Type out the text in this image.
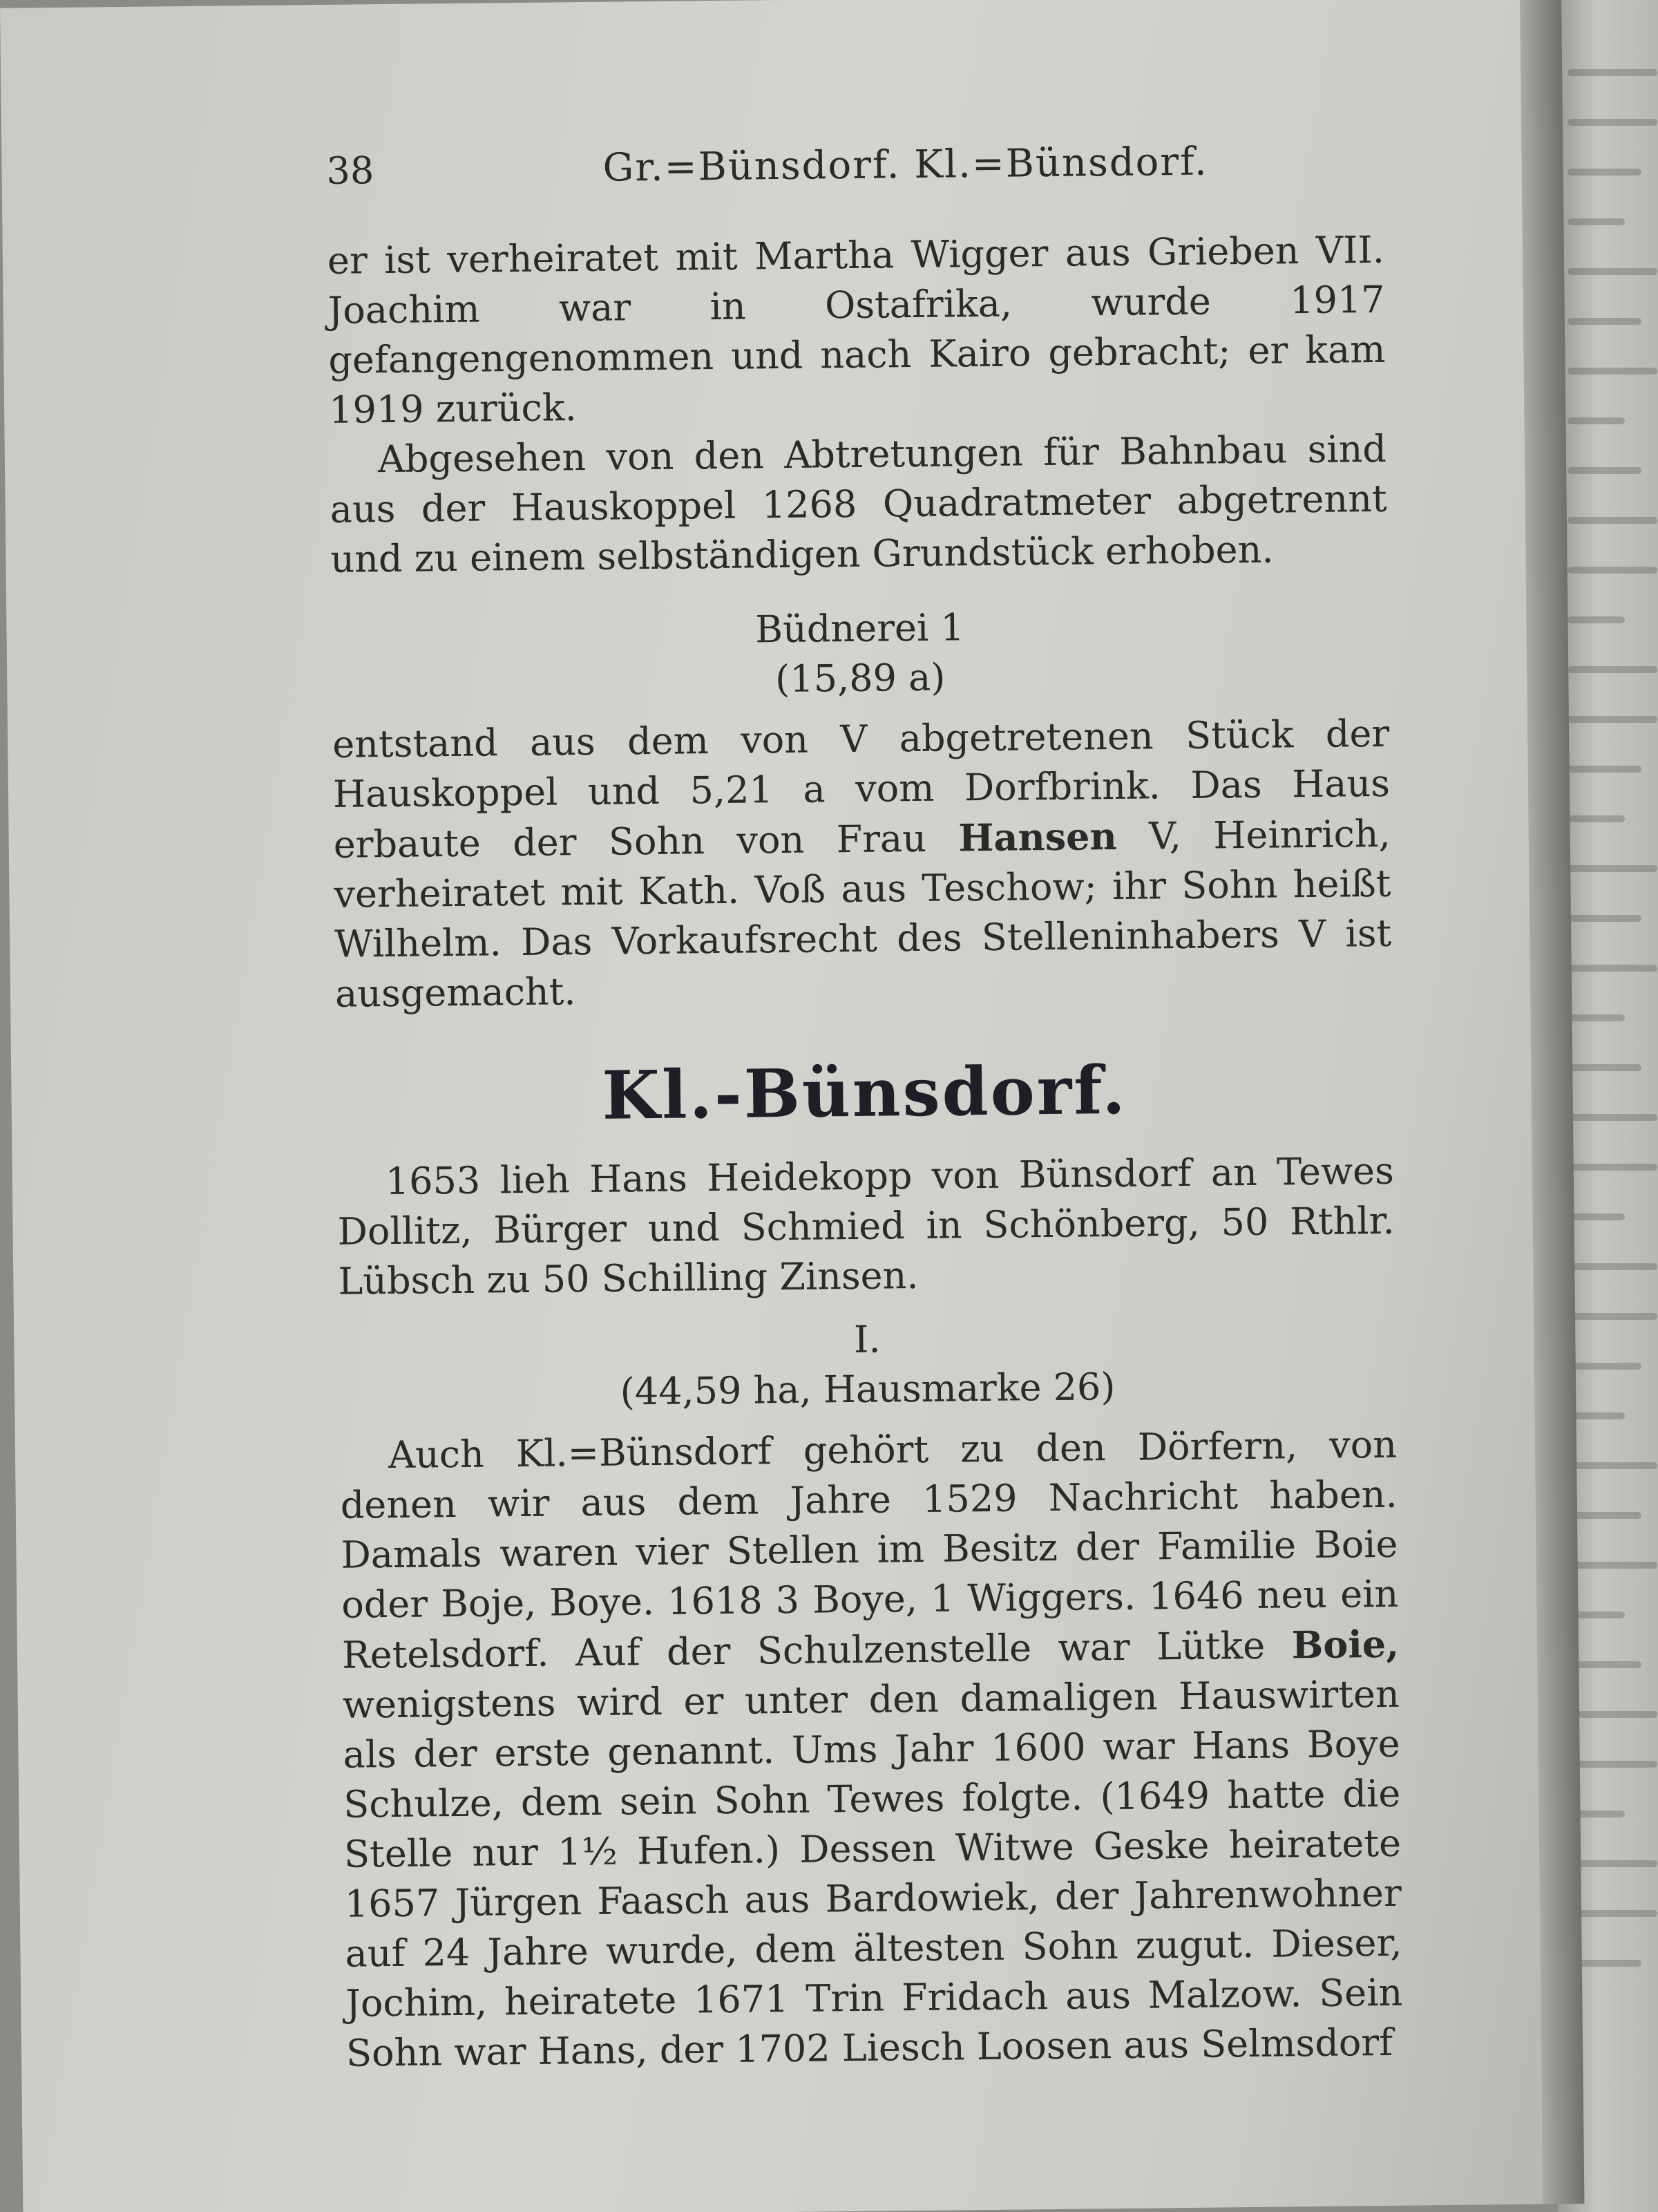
38	Gr.=Bünsdorf. Kl.=Bünsdorf.

er ist verheiratet mit Martha Wigger aus Grieben VII. Joachim war in Ostafrika, wurde 1917 gefangengenommen und nach Kairo gebracht; er kam 1919 zurück.

Abgesehen von den Abtretungen für Bahnbau sind aus der Hauskoppel 1268 Quadratmeter abgetrennt und zu einem selbständigen Grundstück erhoben.

Büdnerei 1

(15,89 a)

entstand aus dem von V abgetretenen Stück der Hauskoppel und 5,21 a vom Dorfbrink. Das Haus erbaute der Sohn von Frau Hansen V, Heinrich, verheiratet mit Kath. Voß aus Teschow; ihr Sohn heißt Wilhelm. Das Vorkaufsrecht des Stelleninhabers V ist ausgemacht.

Kl.-Bünsdorf.

1653 lieh Hans Heidekopp von Bünsdorf an Tewes Dollitz, Bürger und Schmied in Schönberg, 50 Rthlr. Lübsch zu 50 Schilling Zinsen.

I.

(44,59 ha, Hausmarke 26)

Auch Kl.=Bünsdorf gehört zu den Dörfern, von denen wir aus dem Jahre 1529 Nachricht haben. Damals waren vier Stellen im Besitz der Familie Boie oder Boje, Boye. 1618 3 Boye, 1 Wiggers. 1646 neu ein Retelsdorf. Auf der Schulzenstelle war Lütke Boie, wenigstens wird er unter den damaligen Hauswirten als der erste genannt. Ums Jahr 1600 war Hans Boye Schulze, dem sein Sohn Tewes folgte. (1649 hatte die Stelle nur 1½ Hufen.) Dessen Witwe Geske heiratete 1657 Jürgen Faasch aus Bardowiek, der Jahrenwohner auf 24 Jahre wurde, dem ältesten Sohn zugut. Dieser, Jochim, heiratete 1671 Trin Fridach aus Malzow. Sein Sohn war Hans, der 1702 Liesch Loosen aus Selmsdorf
